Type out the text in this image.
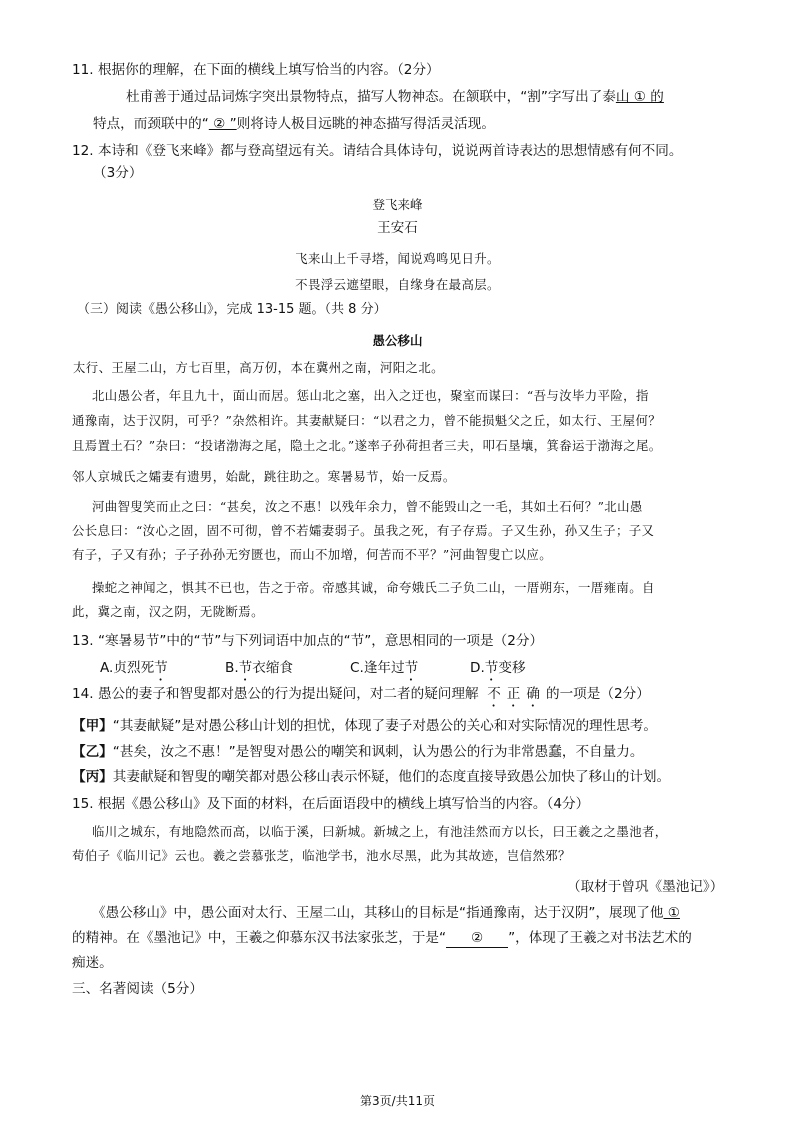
11. 根据你的理解，在下面的横线上填写恰当的内容。（2分）
杜甫善于通过品词炼字突出景物特点，描写人物神态。在颔联中，“割”字写出了泰山 ① 的
特点，而颈联中的“ ② ”则将诗人极目远眺的神态描写得活灵活现。
12. 本诗和《登飞来峰》都与登高望远有关。请结合具体诗句，说说两首诗表达的思想情感有何不同。
（3分）
登飞来峰
王安石
飞来山上千寻塔，闻说鸡鸣见日升。
不畏浮云遮望眼，自缘身在最高层。
（三）阅读《愚公移山》，完成 13-15 题。（共 8 分）
愚公移山
太行、王屋二山，方七百里，高万仞，本在冀州之南，河阳之北。
北山愚公者，年且九十，面山而居。惩山北之塞，出入之迂也，聚室而谋曰：“吾与汝毕力平险，指
通豫南，达于汉阴，可乎？”杂然相许。其妻献疑曰：“以君之力，曾不能损魁父之丘，如太行、王屋何？
且焉置土石？”杂曰：“投诸渤海之尾，隐土之北。”遂率子孙荷担者三夫，叩石垦壤，箕畚运于渤海之尾。
邻人京城氏之孀妻有遗男，始龀，跳往助之。寒暑易节，始一反焉。
河曲智叟笑而止之曰：“甚矣，汝之不惠！以残年余力，曾不能毁山之一毛，其如土石何？”北山愚
公长息曰：“汝心之固，固不可彻，曾不若孀妻弱子。虽我之死，有子存焉。子又生孙，孙又生子；子又
有子，子又有孙；子子孙孙无穷匮也，而山不加增，何苦而不平？”河曲智叟亡以应。
操蛇之神闻之，惧其不已也，告之于帝。帝感其诚，命夸娥氏二子负二山，一厝朔东，一厝雍南。自
此，冀之南，汉之阴，无陇断焉。
13. “寒暑易节”中的“节”与下列词语中加点的“节”，意思相同的一项是（2分）
A.贞烈死节	B.节衣缩食	C.逢年过节	D.节变移
14. 愚公的妻子和智叟都对愚公的行为提出疑问，对二者的疑问理解 不正确的一项是（2分）
【甲】“其妻献疑”是对愚公移山计划的担忧，体现了妻子对愚公的关心和对实际情况的理性思考。
【乙】“甚矣，汝之不惠！”是智叟对愚公的嘲笑和讽刺，认为愚公的行为非常愚蠢，不自量力。
【丙】其妻献疑和智叟的嘲笑都对愚公移山表示怀疑，他们的态度直接导致愚公加快了移山的计划。
15. 根据《愚公移山》及下面的材料，在后面语段中的横线上填写恰当的内容。（4分）
临川之城东，有地隐然而高，以临于溪，曰新城。新城之上，有池洼然而方以长，曰王羲之之墨池者，
荀伯子《临川记》云也。羲之尝慕张芝，临池学书，池水尽黑，此为其故迹，岂信然邪？
（取材于曾巩《墨池记》）
《愚公移山》中，愚公面对太行、王屋二山，其移山的目标是“指通豫南，达于汉阴”，展现了他 ①
的精神。在《墨池记》中，王羲之仰慕东汉书法家张芝，于是“ ② ”，体现了王羲之对书法艺术的
痴迷。
三、名著阅读（5分）
第3页/共11页
